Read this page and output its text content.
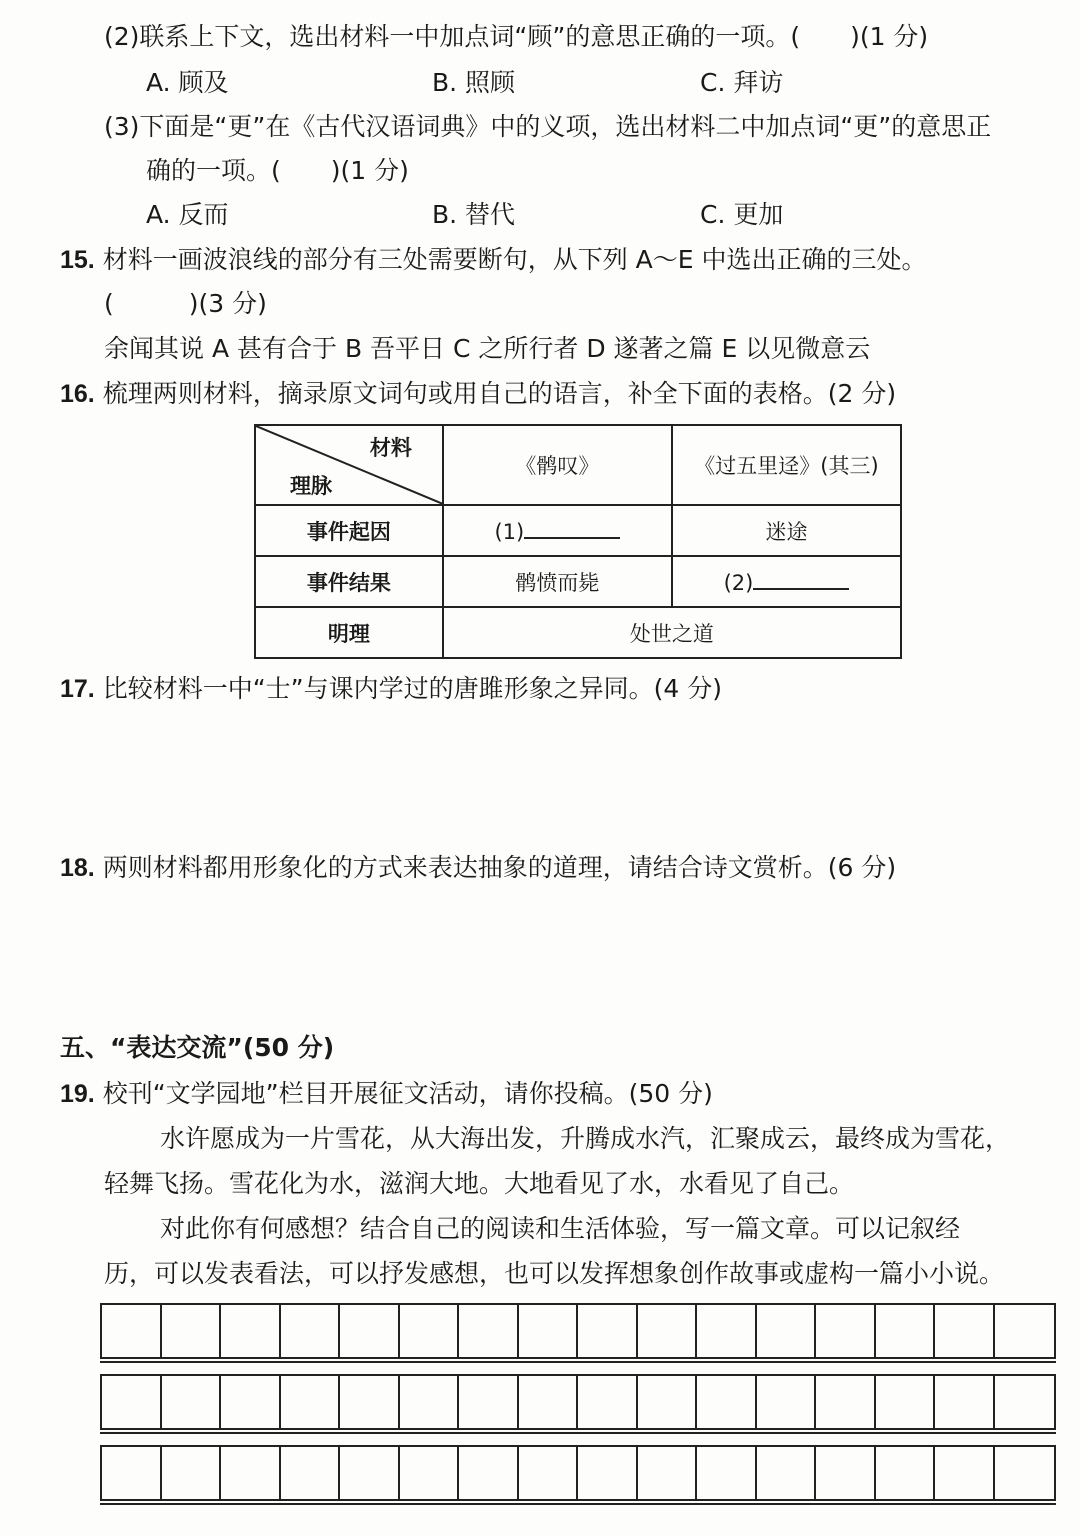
(2)联系上下文，选出材料一中加点词“顾”的意思正确的一项。(　　)(1 分)
A. 顾及	B. 照顾	C. 拜访
(3)下面是“更”在《古代汉语词典》中的义项，选出材料二中加点词“更”的意思正
确的一项。(　　)(1 分)
A. 反而	B. 替代	C. 更加
15. 材料一画波浪线的部分有三处需要断句，从下列 A～E 中选出正确的三处。
(　　　)(3 分)
余闻其说 A 甚有合于 B 吾平日 C 之所行者 D 遂著之篇 E 以见微意云
16. 梳理两则材料，摘录原文词句或用自己的语言，补全下面的表格。(2 分)
材料
理脉	《鹘叹》	《过五里迳》(其三)
事件起因	(1)	迷途
事件结果	鹘愤而毙	(2)
明理	处世之道	
17. 比较材料一中“士”与课内学过的唐雎形象之异同。(4 分)
18. 两则材料都用形象化的方式来表达抽象的道理，请结合诗文赏析。(6 分)
五、“表达交流”(50 分)
19. 校刊“文学园地”栏目开展征文活动，请你投稿。(50 分)
水许愿成为一片雪花，从大海出发，升腾成水汽，汇聚成云，最终成为雪花，
轻舞飞扬。雪花化为水，滋润大地。大地看见了水，水看见了自己。
对此你有何感想？结合自己的阅读和生活体验，写一篇文章。可以记叙经
历，可以发表看法，可以抒发感想，也可以发挥想象创作故事或虚构一篇小小说。
